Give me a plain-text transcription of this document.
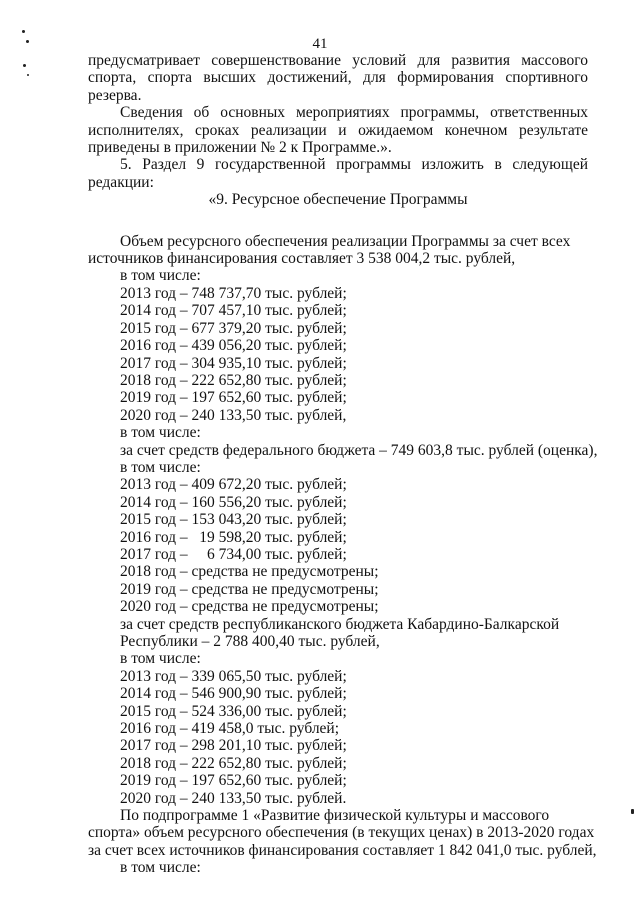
41

предусматривает совершенствование условий для развития массового спорта, спорта высших достижений, для формирования спортивного резерва.

Сведения об основных мероприятиях программы, ответственных исполнителях, сроках реализации и ожидаемом конечном результате приведены в приложении № 2 к Программе.».

5. Раздел 9 государственной программы изложить в следующей редакции:

«9. Ресурсное обеспечение Программы

Объем ресурсного обеспечения реализации Программы за счет всех

источников финансирования составляет 3 538 004,2 тыс. рублей,

в том числе:

2013 год – 748 737,70 тыс. рублей;

2014 год – 707 457,10 тыс. рублей;

2015 год – 677 379,20 тыс. рублей;

2016 год – 439 056,20 тыс. рублей;

2017 год – 304 935,10 тыс. рублей;

2018 год – 222 652,80 тыс. рублей;

2019 год – 197 652,60 тыс. рублей;

2020 год – 240 133,50 тыс. рублей,

в том числе:

за счет средств федерального бюджета – 749 603,8 тыс. рублей (оценка),

в том числе:

2013 год – 409 672,20 тыс. рублей;

2014 год – 160 556,20 тыс. рублей;

2015 год – 153 043,20 тыс. рублей;

2016 год –   19 598,20 тыс. рублей;

2017 год –     6 734,00 тыс. рублей;

2018 год – средства не предусмотрены;

2019 год – средства не предусмотрены;

2020 год – средства не предусмотрены;

за счет средств республиканского бюджета Кабардино-Балкарской

Республики – 2 788 400,40 тыс. рублей,

в том числе:

2013 год – 339 065,50 тыс. рублей;

2014 год – 546 900,90 тыс. рублей;

2015 год – 524 336,00 тыс. рублей;

2016 год – 419 458,0 тыс. рублей;

2017 год – 298 201,10 тыс. рублей;

2018 год – 222 652,80 тыс. рублей;

2019 год – 197 652,60 тыс. рублей;

2020 год – 240 133,50 тыс. рублей.

По подпрограмме 1 «Развитие физической культуры и массового

спорта» объем ресурсного обеспечения (в текущих ценах) в 2013-2020 годах

за счет всех источников финансирования составляет 1 842 041,0 тыс. рублей,

в том числе:
